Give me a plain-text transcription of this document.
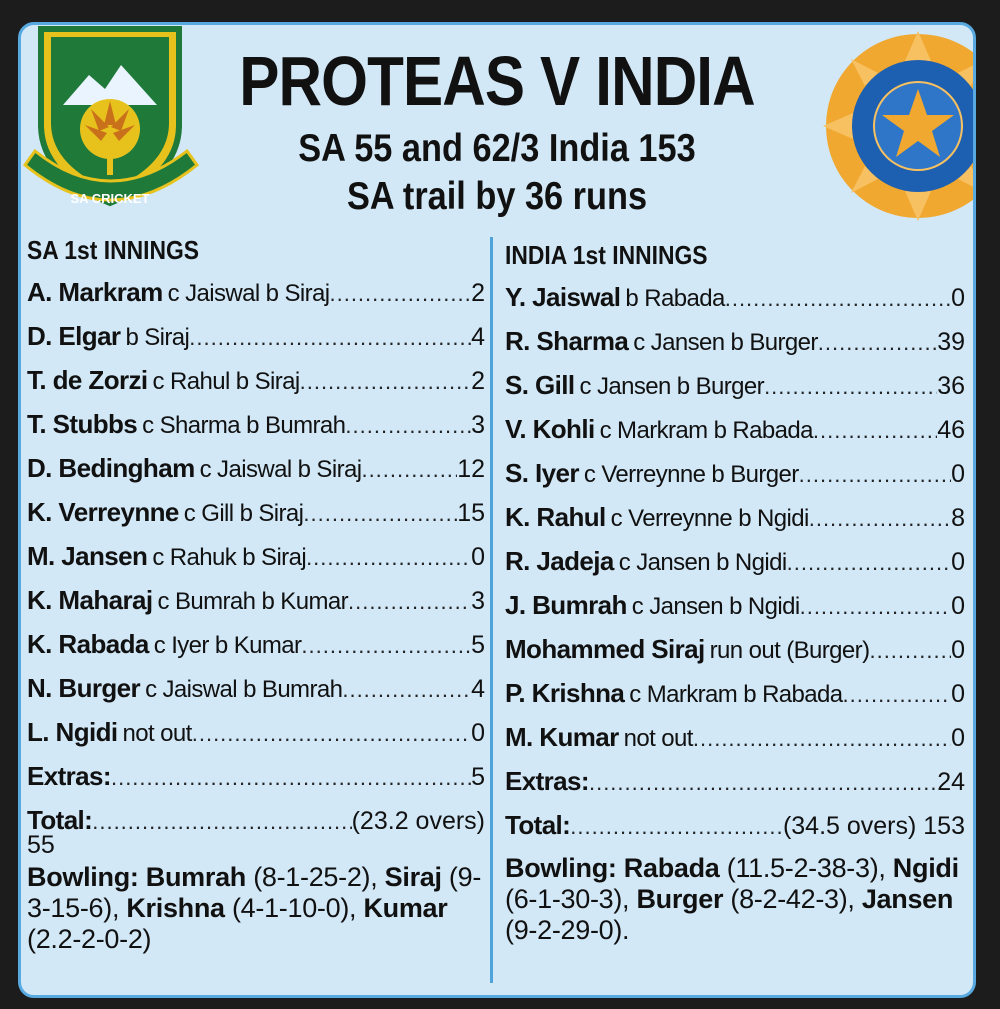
SA CRICKET
PROTEAS V INDIA
SA 55 and 62/3 India 153
SA trail by 36 runs
SA 1st INNINGS
A. Markram c Jaiswal b Siraj .....	2
D. Elgar b Siraj .....	4
T. de Zorzi c Rahul b Siraj .....	2
T. Stubbs c Sharma b Bumrah .....	3
D. Bedingham c Jaiswal b Siraj .....	12
K. Verreynne c Gill b Siraj .....	15
M. Jansen c Rahuk b Siraj .....	0
K. Maharaj c Bumrah b Kumar .....	3
K. Rabada c Iyer b Kumar .....	5
N. Burger c Jaiswal b Bumrah .....	4
L. Ngidi not out .....	0
Extras: .....	5
Total: .....	(23.2 overs)
55
Bowling: Bumrah (8-1-25-2), Siraj (9-3-15-6), Krishna (4-1-10-0), Kumar (2.2-2-0-2)
INDIA 1st INNINGS
Y. Jaiswal b Rabada .....	0
R. Sharma c Jansen b Burger .....	39
S. Gill c Jansen b Burger .....	36
V. Kohli c Markram b Rabada .....	46
S. Iyer c Verreynne b Burger .....	0
K. Rahul c Verreynne b Ngidi .....	8
R. Jadeja c Jansen b Ngidi .....	0
J. Bumrah c Jansen b Ngidi .....	0
Mohammed Siraj run out (Burger) .....	0
P. Krishna c Markram b Rabada .....	0
M. Kumar not out .....	0
Extras: .....	24
Total: .....	(34.5 overs) 153
Bowling: Rabada (11.5-2-38-3), Ngidi (6-1-30-3), Burger (8-2-42-3), Jansen (9-2-29-0).
